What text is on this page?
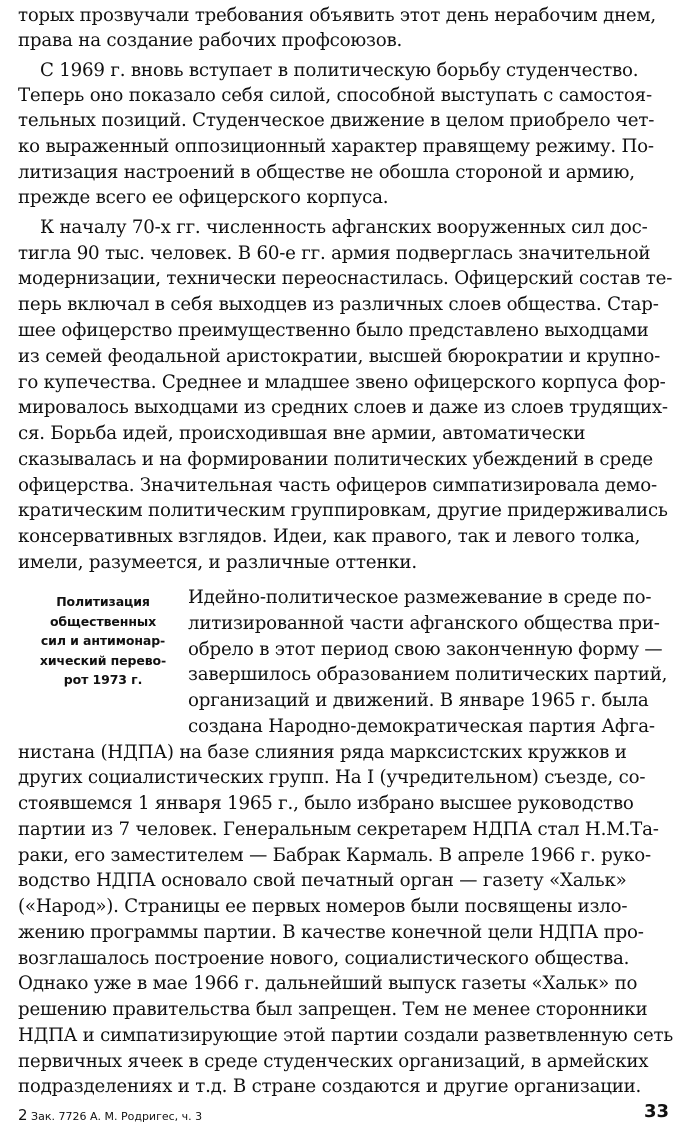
торых прозвучали требования объявить этот день нерабочим днем,
права на создание рабочих профсоюзов.
С 1969 г. вновь вступает в политическую борьбу студенчество.
Теперь оно показало себя силой, способной выступать с самостоя-
тельных позиций. Студенческое движение в целом приобрело чет-
ко выраженный оппозиционный характер правящему режиму. По-
литизация настроений в обществе не обошла стороной и армию,
прежде всего ее офицерского корпуса.
К началу 70-х гг. численность афганских вооруженных сил дос-
тигла 90 тыс. человек. В 60-е гг. армия подверглась значительной
модернизации, технически переоснастилась. Офицерский состав те-
перь включал в себя выходцев из различных слоев общества. Стар-
шее офицерство преимущественно было представлено выходцами
из семей феодальной аристократии, высшей бюрократии и крупно-
го купечества. Среднее и младшее звено офицерского корпуса фор-
мировалось выходцами из средних слоев и даже из слоев трудящих-
ся. Борьба идей, происходившая вне армии, автоматически
сказывалась и на формировании политических убеждений в среде
офицерства. Значительная часть офицеров симпатизировала демо-
кратическим политическим группировкам, другие придерживались
консервативных взглядов. Идеи, как правого, так и левого толка,
имели, разумеется, и различные оттенки.
Политизация
общественных
сил и антимонар-
хический перево-
рот 1973 г.
Идейно-политическое размежевание в среде по-
литизированной части афганского общества при-
обрело в этот период свою законченную форму —
завершилось образованием политических партий,
организаций и движений. В январе 1965 г. была
создана Народно-демократическая партия Афга-
нистана (НДПА) на базе слияния ряда марксистских кружков и
других социалистических групп. На I (учредительном) съезде, со-
стоявшемся 1 января 1965 г., было избрано высшее руководство
партии из 7 человек. Генеральным секретарем НДПА стал Н.М.Та-
раки, его заместителем — Бабрак Кармаль. В апреле 1966 г. руко-
водство НДПА основало свой печатный орган — газету «Хальк»
(«Народ»). Страницы ее первых номеров были посвящены изло-
жению программы партии. В качестве конечной цели НДПА про-
возглашалось построение нового, социалистического общества.
Однако уже в мае 1966 г. дальнейший выпуск газеты «Хальк» по
решению правительства был запрещен. Тем не менее сторонники
НДПА и симпатизирующие этой партии создали разветвленную сеть
первичных ячеек в среде студенческих организаций, в армейских
подразделениях и т.д. В стране создаются и другие организации.
2 Зак. 7726 А. М. Родригес, ч. 3	33
